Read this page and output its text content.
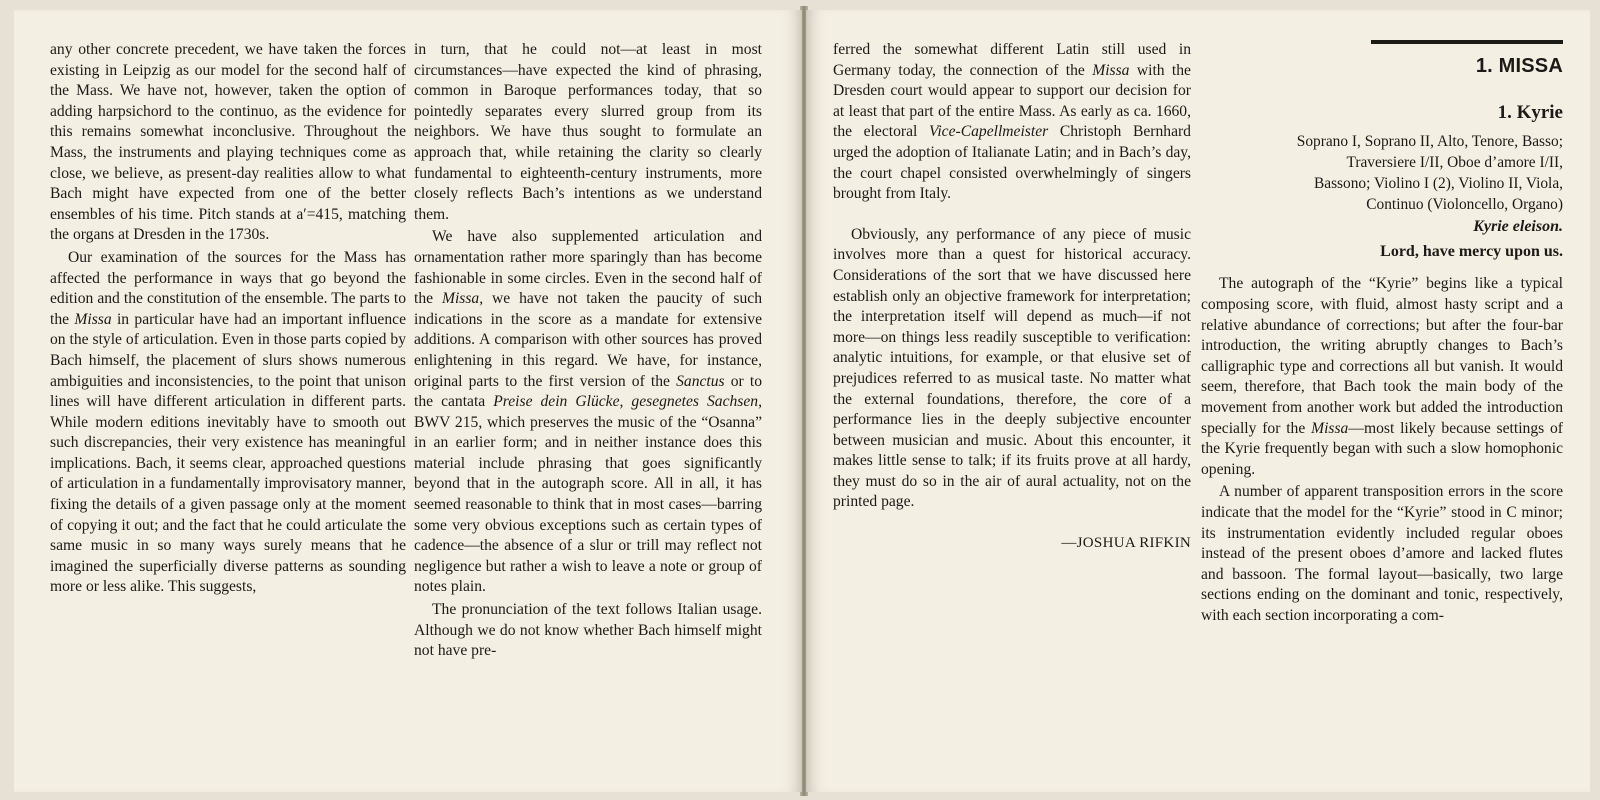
any other concrete precedent, we have taken the forces existing in Leipzig as our model for the second half of the Mass. We have not, however, taken the option of adding harpsichord to the continuo, as the evidence for this remains somewhat inconclusive. Throughout the Mass, the instruments and playing techniques come as close, we believe, as present-day realities allow to what Bach might have expected from one of the better ensembles of his time. Pitch stands at a′=415, matching the organs at Dresden in the 1730s.

Our examination of the sources for the Mass has affected the performance in ways that go beyond the edition and the constitution of the ensemble. The parts to the Missa in particular have had an important influence on the style of articulation. Even in those parts copied by Bach himself, the placement of slurs shows numerous ambiguities and inconsistencies, to the point that unison lines will have different articulation in different parts. While modern editions inevitably have to smooth out such discrepancies, their very existence has meaningful implications. Bach, it seems clear, approached questions of articulation in a fundamentally improvisatory manner, fixing the details of a given passage only at the moment of copying it out; and the fact that he could articulate the same music in so many ways surely means that he imagined the superficially diverse patterns as sounding more or less alike. This suggests,

in turn, that he could not—at least in most circumstances—have expected the kind of phrasing, common in Baroque performances today, that so pointedly separates every slurred group from its neighbors. We have thus sought to formulate an approach that, while retaining the clarity so clearly fundamental to eighteenth-century instruments, more closely reflects Bach’s intentions as we understand them.

We have also supplemented articulation and ornamentation rather more sparingly than has become fashionable in some circles. Even in the second half of the Missa, we have not taken the paucity of such indications in the score as a mandate for extensive additions. A comparison with other sources has proved enlightening in this regard. We have, for instance, original parts to the first version of the Sanctus or to the cantata Preise dein Glücke, gesegnetes Sachsen, BWV 215, which preserves the music of the “Osanna” in an earlier form; and in neither instance does this material include phrasing that goes significantly beyond that in the autograph score. All in all, it has seemed reasonable to think that in most cases—barring some very obvious exceptions such as certain types of cadence—the absence of a slur or trill may reflect not negligence but rather a wish to leave a note or group of notes plain.

The pronunciation of the text follows Italian usage. Although we do not know whether Bach himself might not have pre-

ferred the somewhat different Latin still used in Germany today, the connection of the Missa with the Dresden court would appear to support our decision for at least that part of the entire Mass. As early as ca. 1660, the electoral Vice-Capellmeister Christoph Bernhard urged the adoption of Italianate Latin; and in Bach’s day, the court chapel consisted overwhelmingly of singers brought from Italy.

Obviously, any performance of any piece of music involves more than a quest for historical accuracy. Considerations of the sort that we have discussed here establish only an objective framework for interpretation; the interpretation itself will depend as much—if not more—on things less readily susceptible to verification: analytic intuitions, for example, or that elusive set of prejudices referred to as musical taste. No matter what the external foundations, therefore, the core of a performance lies in the deeply subjective encounter between musician and music. About this encounter, it makes little sense to talk; if its fruits prove at all hardy, they must do so in the air of aural actuality, not on the printed page.

—JOSHUA RIFKIN
1. MISSA
1. Kyrie
Soprano I, Soprano II, Alto, Tenore, Basso;
Traversiere I/II, Oboe d’amore I/II,
Bassono; Violino I (2), Violino II, Viola,
Continuo (Violoncello, Organo)
Kyrie eleison.
Lord, have mercy upon us.

The autograph of the “Kyrie” begins like a typical composing score, with fluid, almost hasty script and a relative abundance of corrections; but after the four-bar introduction, the writing abruptly changes to Bach’s calligraphic type and corrections all but vanish. It would seem, therefore, that Bach took the main body of the movement from another work but added the introduction specially for the Missa—most likely because settings of the Kyrie frequently began with such a slow homophonic opening.

A number of apparent transposition errors in the score indicate that the model for the “Kyrie” stood in C minor; its instrumentation evidently included regular oboes instead of the present oboes d’amore and lacked flutes and bassoon. The formal layout—basically, two large sections ending on the dominant and tonic, respectively, with each section incorporating a com-
